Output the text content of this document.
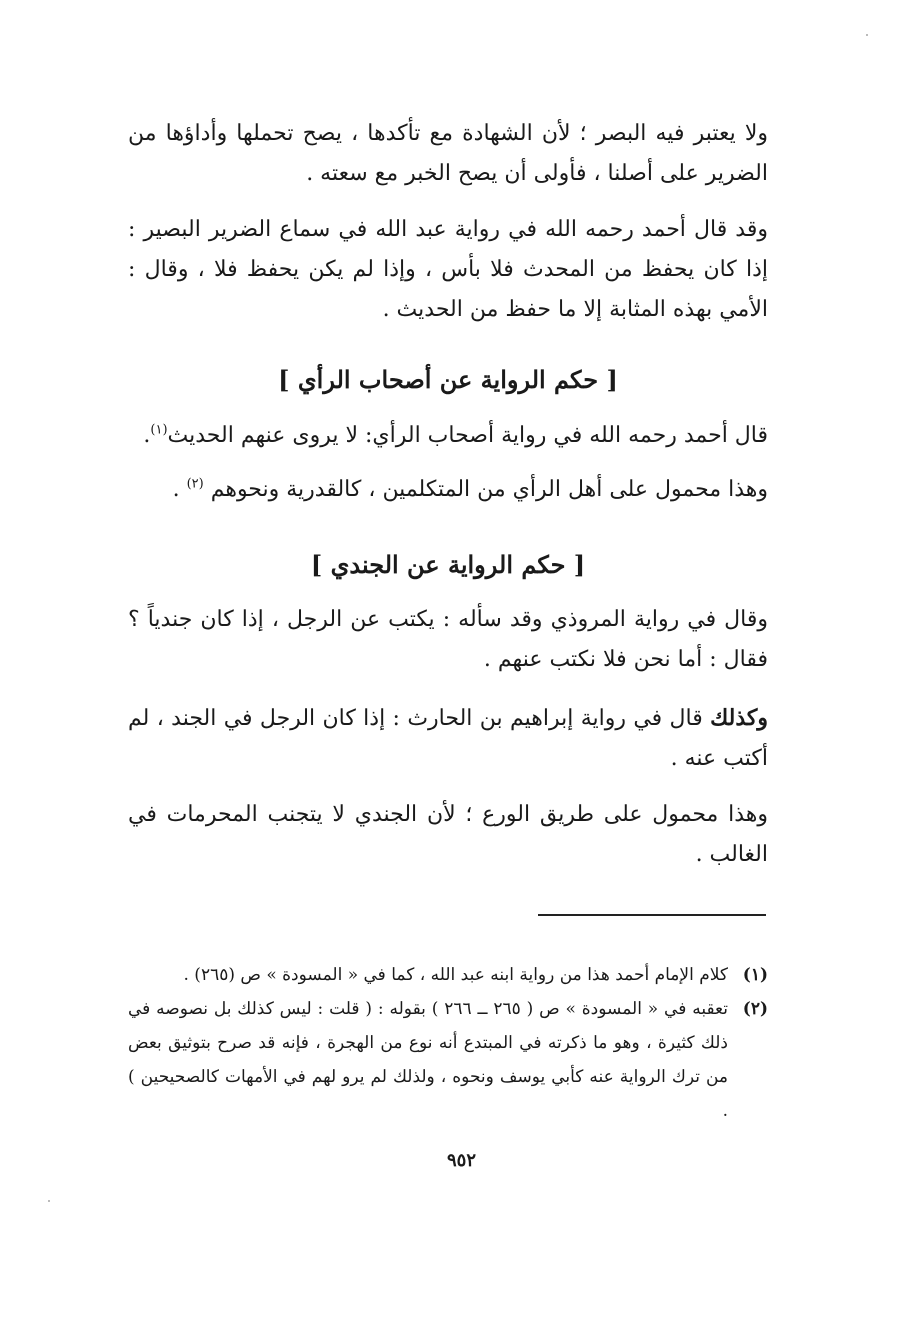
ولا يعتبر فيه البصر ؛ لأن الشهادة مع تأكدها ، يصح تحملها وأداؤها من الضرير على أصلنا ، فأولى أن يصح الخبر مع سعته .

وقد قال أحمد رحمه الله في رواية عبد الله في سماع الضرير البصير : إذا كان يحفظ من المحدث فلا بأس ، وإذا لم يكن يحفظ فلا ، وقال : الأمي بهذه المثابة إلا ما حفظ من الحديث .

[ حكم الرواية عن أصحاب الرأي ]

قال أحمد رحمه الله في رواية أصحاب الرأي: لا يروى عنهم الحديث$^{(١)}$.

وهذا محمول على أهل الرأي من المتكلمين ، كالقدرية ونحوهم $^{(٢)}$ .

[ حكم الرواية عن الجندي ]

وقال في رواية المروذي وقد سأله : يكتب عن الرجل ، إذا كان جندياً ؟ فقال : أما نحن فلا نكتب عنهم .

وكذلك قال في رواية إبراهيم بن الحارث : إذا كان الرجل في الجند ، لم أكتب عنه .

وهذا محمول على طريق الورع ؛ لأن الجندي لا يتجنب المحرمات في الغالب .

(١)
كلام الإمام أحمد هذا من رواية ابنه عبد الله ، كما في « المسودة » ص (٢٦٥) .
(٢)
تعقبه في « المسودة » ص ( ٢٦٥ ــ ٢٦٦ ) بقوله : ( قلت : ليس كذلك بل نصوصه في ذلك كثيرة ، وهو ما ذكرته في المبتدع أنه نوع من الهجرة ، فإنه قد صرح بتوثيق بعض من ترك الرواية عنه كأبي يوسف ونحوه ، ولذلك لم يرو لهم في الأمهات كالصحيحين ) .
٩٥٢
